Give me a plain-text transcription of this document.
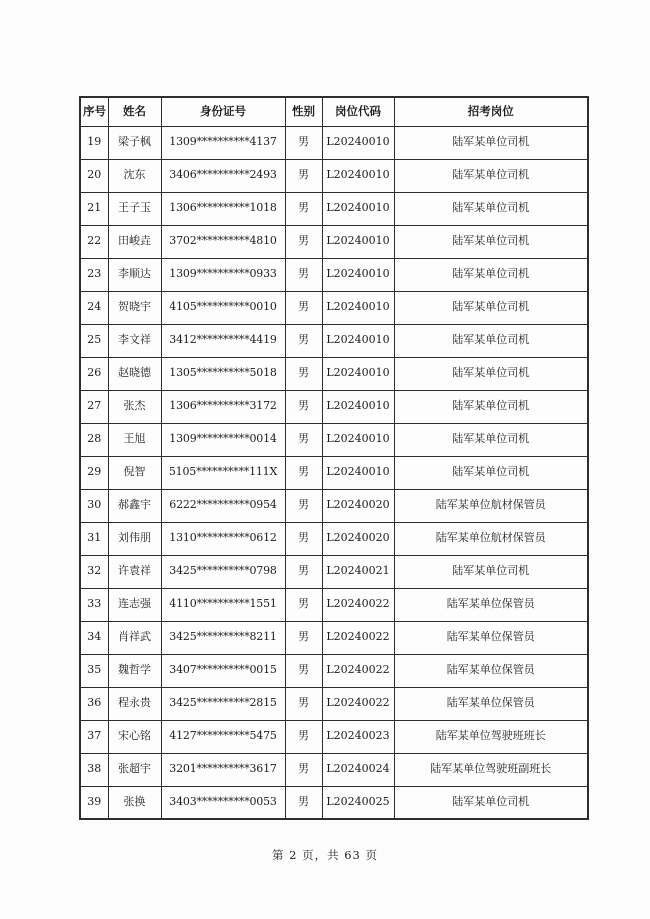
序号	姓名	身份证号	性别	岗位代码	招考岗位
19	梁子枫	1309**********4137	男	L20240010	陆军某单位司机
20	沈东	3406**********2493	男	L20240010	陆军某单位司机
21	王子玉	1306**********1018	男	L20240010	陆军某单位司机
22	田峻垚	3702**********4810	男	L20240010	陆军某单位司机
23	李顺达	1309**********0933	男	L20240010	陆军某单位司机
24	贺晓宇	4105**********0010	男	L20240010	陆军某单位司机
25	李文祥	3412**********4419	男	L20240010	陆军某单位司机
26	赵晓德	1305**********5018	男	L20240010	陆军某单位司机
27	张杰	1306**********3172	男	L20240010	陆军某单位司机
28	王旭	1309**********0014	男	L20240010	陆军某单位司机
29	倪智	5105**********111X	男	L20240010	陆军某单位司机
30	郝鑫宇	6222**********0954	男	L20240020	陆军某单位航材保管员
31	刘伟朋	1310**********0612	男	L20240020	陆军某单位航材保管员
32	许袁祥	3425**********0798	男	L20240021	陆军某单位司机
33	连志强	4110**********1551	男	L20240022	陆军某单位保管员
34	肖祥武	3425**********8211	男	L20240022	陆军某单位保管员
35	魏哲学	3407**********0015	男	L20240022	陆军某单位保管员
36	程永贵	3425**********2815	男	L20240022	陆军某单位保管员
37	宋心铭	4127**********5475	男	L20240023	陆军某单位驾驶班班长
38	张超宇	3201**********3617	男	L20240024	陆军某单位驾驶班副班长
39	张换	3403**********0053	男	L20240025	陆军某单位司机
第 2 页，共 63 页
